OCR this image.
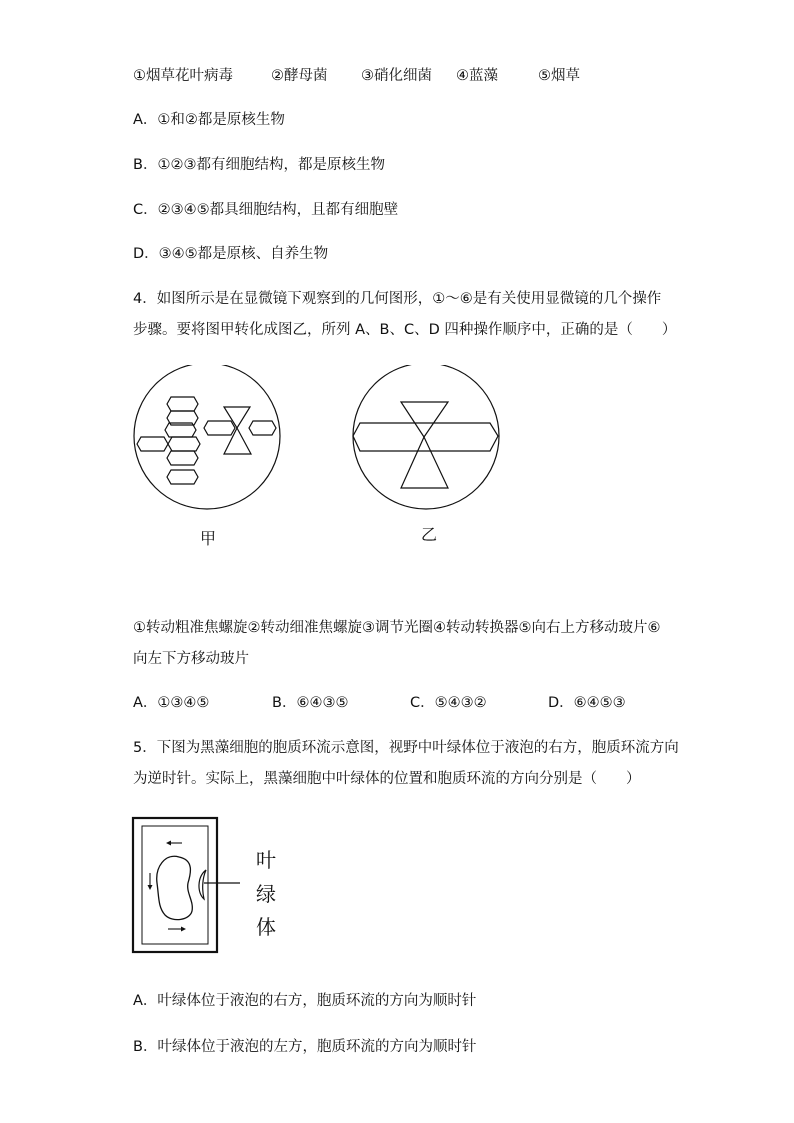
①烟草花叶病毒	②酵母菌 ③硝化细菌 ④蓝藻	⑤烟草
A．①和②都是原核生物
B．①②③都有细胞结构，都是原核生物
C．②③④⑤都具细胞结构，且都有细胞壁
D．③④⑤都是原核、自养生物
4．如图所示是在显微镜下观察到的几何图形，①～⑥是有关使用显微镜的几个操作
步骤。要将图甲转化成图乙，所列 A、B、C、D 四种操作顺序中，正确的是（　　）
甲	乙
①转动粗准焦螺旋②转动细准焦螺旋③调节光圈④转动转换器⑤向右上方移动玻片⑥
向左下方移动玻片
A．①③④⑤	B．⑥④③⑤	C．⑤④③②	D．⑥④⑤③
5．下图为黑藻细胞的胞质环流示意图，视野中叶绿体位于液泡的右方，胞质环流方向
为逆时针。实际上，黑藻细胞中叶绿体的位置和胞质环流的方向分别是（　　）
叶
绿
体
A．叶绿体位于液泡的右方，胞质环流的方向为顺时针
B．叶绿体位于液泡的左方，胞质环流的方向为顺时针
